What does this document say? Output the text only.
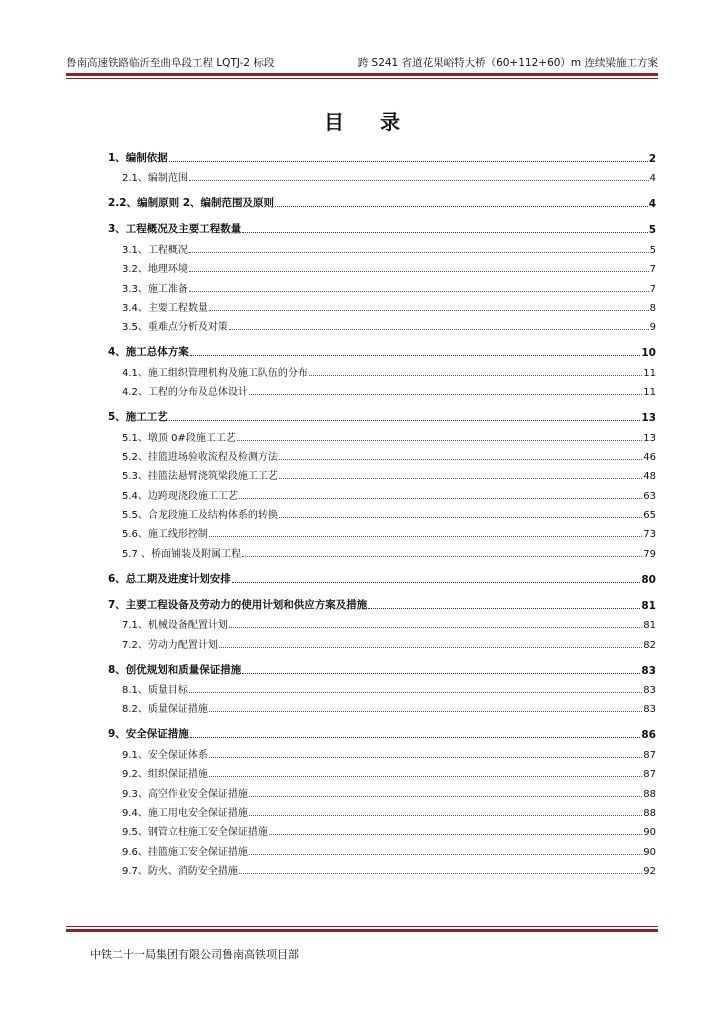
鲁南高速铁路临沂至曲阜段工程 LQTJ-2 标段	跨 S241 省道花果峪特大桥（60+112+60）m 连续梁施工方案
目录
1、编制依据	2
2.1、编制范围	4
2.2、编制原则 2、编制范围及原则	4
3、工程概况及主要工程数量	5
3.1、工程概况	5
3.2、地理环境	7
3.3、施工准备	7
3.4、主要工程数量	8
3.5、重难点分析及对策	9
4、施工总体方案	10
4.1、施工组织管理机构及施工队伍的分布	11
4.2、工程的分布及总体设计	11
5、施工工艺	13
5.1、墩顶 0#段施工工艺	13
5.2、挂篮进场验收流程及检测方法	46
5.3、挂篮法悬臂浇筑梁段施工工艺	48
5.4、边跨现浇段施工工艺	63
5.5、合龙段施工及结构体系的转换	65
5.6、施工线形控制	73
5.7 、桥面铺装及附属工程	79
6、总工期及进度计划安排	80
7、主要工程设备及劳动力的使用计划和供应方案及措施	81
7.1、机械设备配置计划	81
7.2、劳动力配置计划	82
8、创优规划和质量保证措施	83
8.1、质量目标	83
8.2、质量保证措施	83
9、安全保证措施	86
9.1、安全保证体系	87
9.2、组织保证措施	87
9.3、高空作业安全保证措施	88
9.4、施工用电安全保证措施	88
9.5、钢管立柱施工安全保证措施	90
9.6、挂篮施工安全保证措施	90
9.7、防火、消防安全措施	92
中铁二十一局集团有限公司鲁南高铁项目部
